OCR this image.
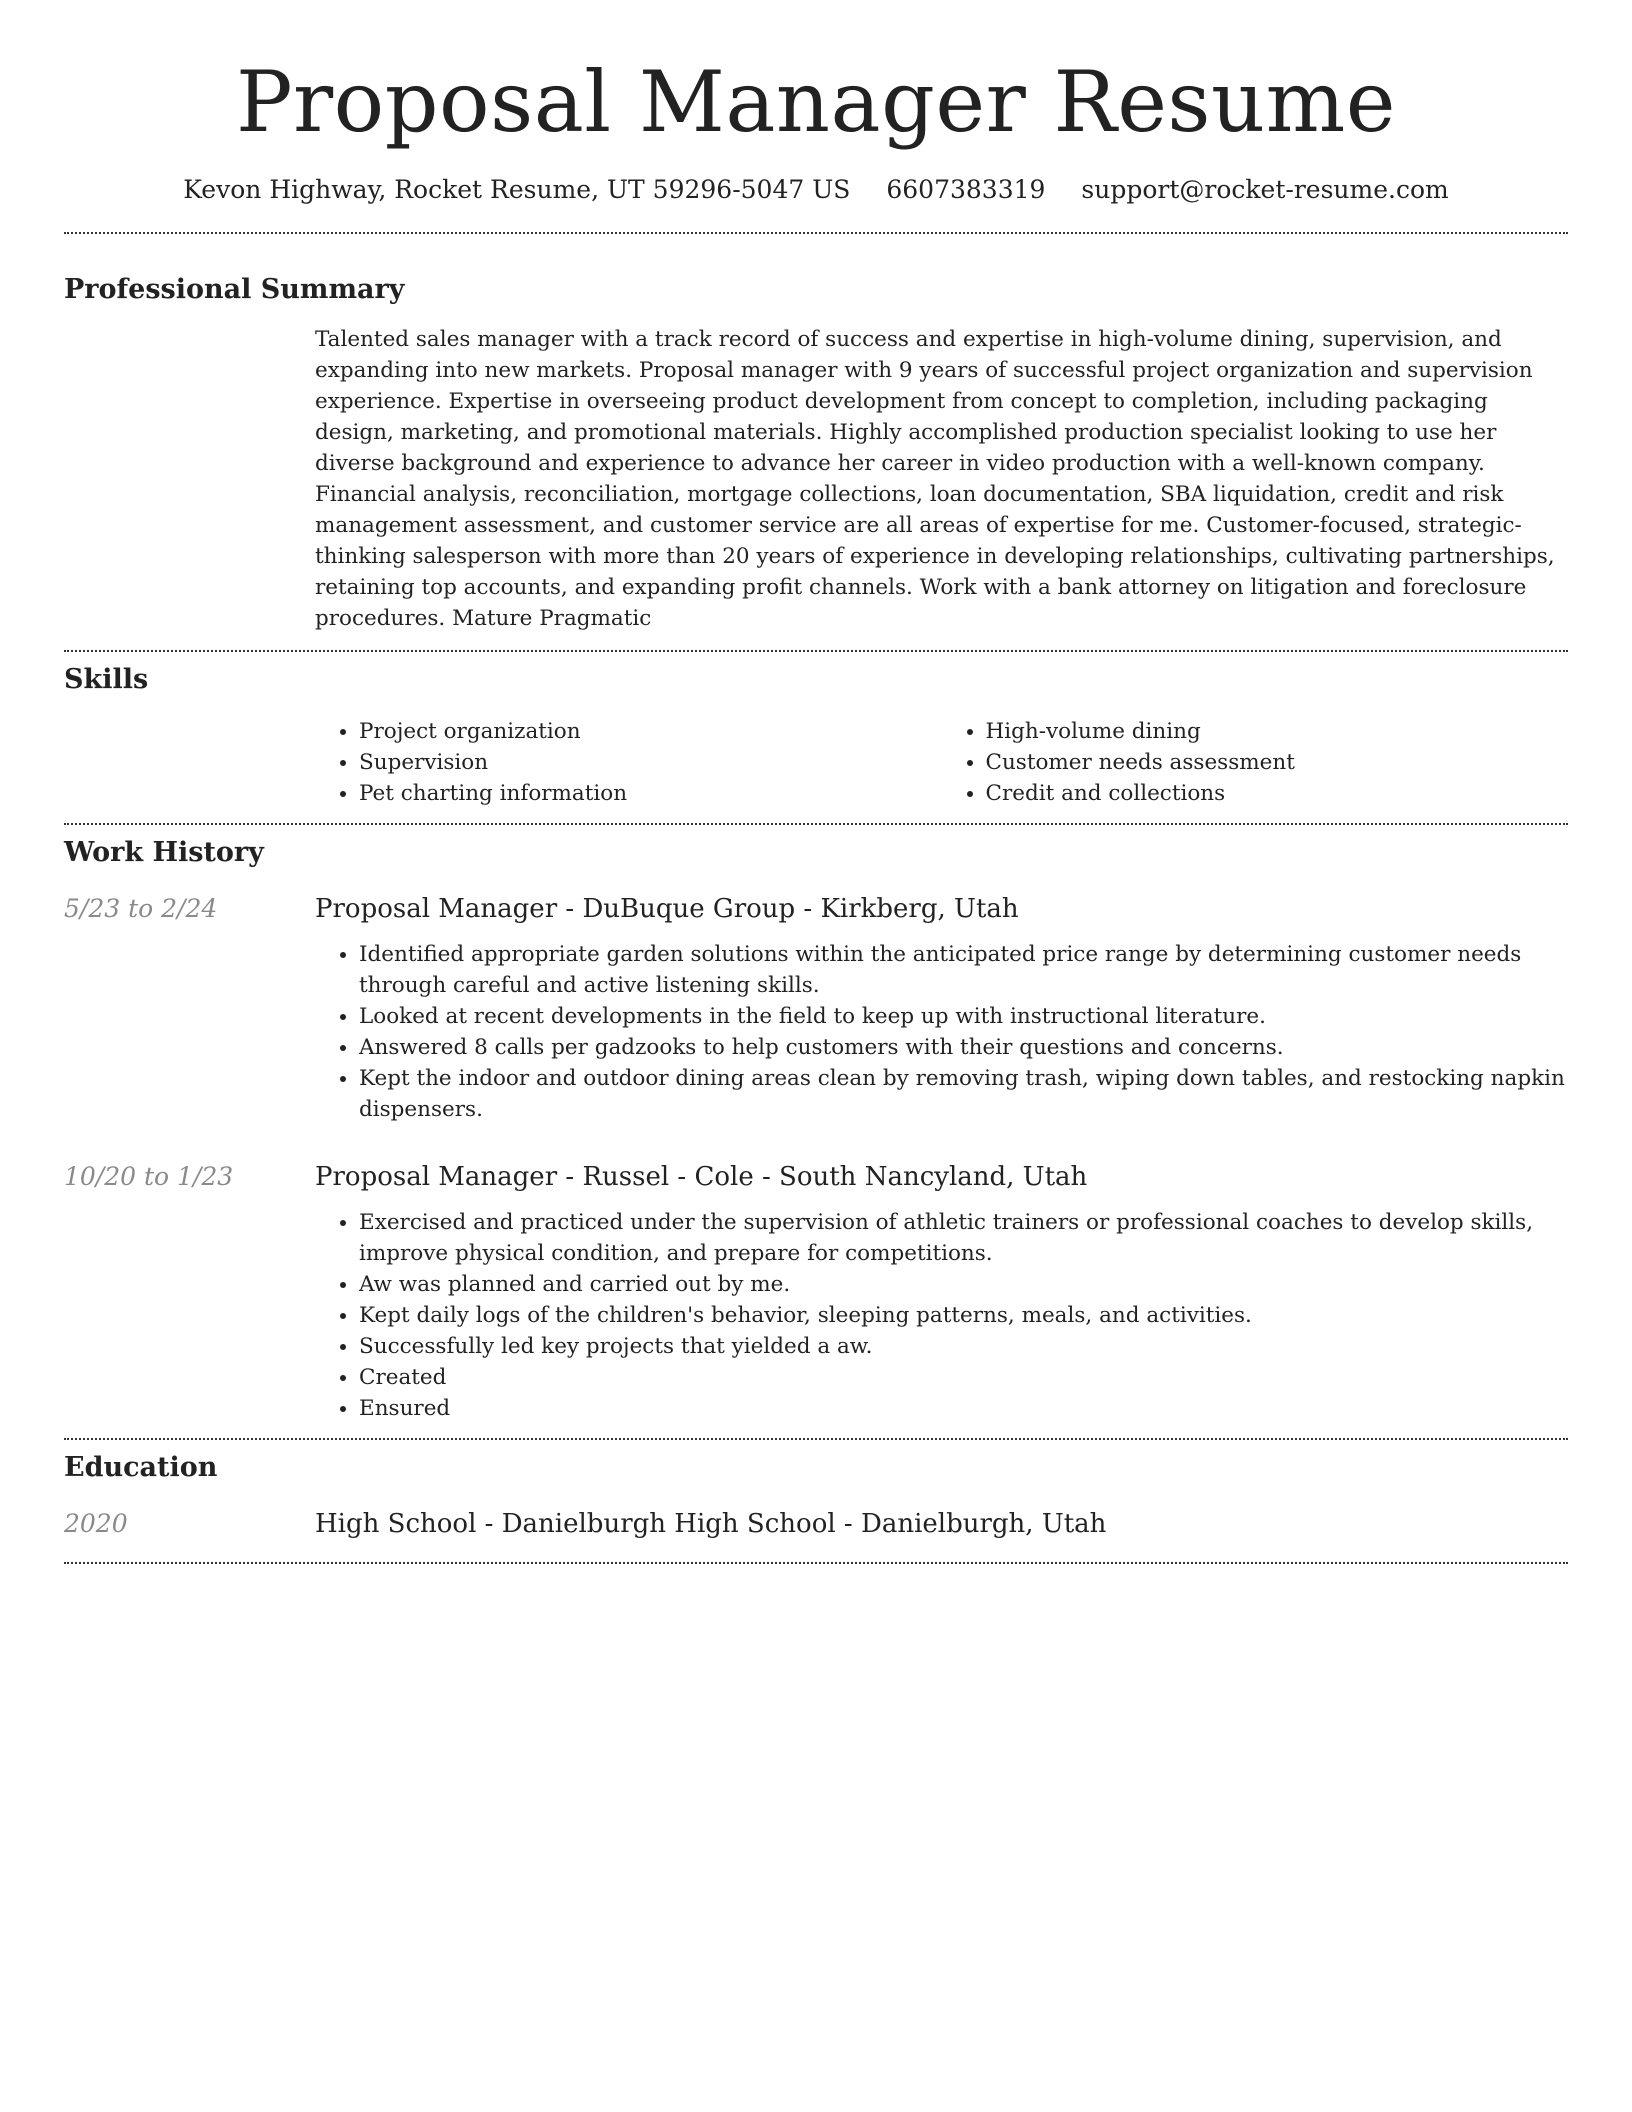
Proposal Manager Resume
Kevon Highway, Rocket Resume, UT 59296-5047 US 6607383319 support@rocket-resume.com
Professional Summary
Talented sales manager with a track record of success and expertise in high-volume dining, supervision, and expanding into new markets. Proposal manager with 9 years of successful project organization and supervision experience. Expertise in overseeing product development from concept to completion, including packaging design, marketing, and promotional materials. Highly accomplished production specialist looking to use her diverse background and experience to advance her career in video production with a well-known company. Financial analysis, reconciliation, mortgage collections, loan documentation, SBA liquidation, credit and risk management assessment, and customer service are all areas of expertise for me. Customer-focused, strategic-thinking salesperson with more than 20 years of experience in developing relationships, cultivating partnerships, retaining top accounts, and expanding profit channels. Work with a bank attorney on litigation and foreclosure procedures. Mature Pragmatic
Skills
• Project organization
• Supervision
• Pet charting information
• High-volume dining
• Customer needs assessment
• Credit and collections
Work History
5/23 to 2/24	Proposal Manager - DuBuque Group - Kirkberg, Utah
• Identified appropriate garden solutions within the anticipated price range by determining customer needs through careful and active listening skills.
• Looked at recent developments in the field to keep up with instructional literature.
• Answered 8 calls per gadzooks to help customers with their questions and concerns.
• Kept the indoor and outdoor dining areas clean by removing trash, wiping down tables, and restocking napkin dispensers.
10/20 to 1/23	Proposal Manager - Russel - Cole - South Nancyland, Utah
• Exercised and practiced under the supervision of athletic trainers or professional coaches to develop skills, improve physical condition, and prepare for competitions.
• Aw was planned and carried out by me.
• Kept daily logs of the children's behavior, sleeping patterns, meals, and activities.
• Successfully led key projects that yielded a aw.
• Created
• Ensured
Education
2020	High School - Danielburgh High School - Danielburgh, Utah
